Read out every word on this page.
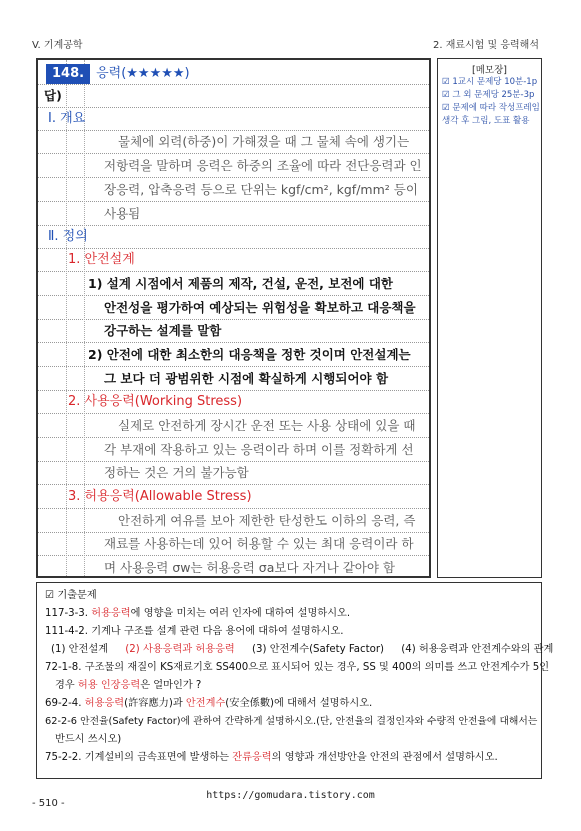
V. 기계공학	2. 재료시험 및 응력해석
148. 응력(★★★★★)
답)
Ⅰ. 개요
물체에 외력(하중)이 가해졌을 때 그 물체 속에 생기는
저항력을 말하며 응력은 하중의 조율에 따라 전단응력과 인
장응력, 압축응력 등으로 단위는 kgf/cm², kgf/mm² 등이
사용됨
Ⅱ. 정의
1. 안전설계
1) 설계 시점에서 제품의 제작, 건설, 운전, 보전에 대한
안전성을 평가하여 예상되는 위험성을 확보하고 대응책을
강구하는 설계를 말함
2) 안전에 대한 최소한의 대응책을 정한 것이며 안전설계는
그 보다 더 광범위한 시점에 확실하게 시행되어야 함
2. 사용응력(Working Stress)
실제로 안전하게 장시간 운전 또는 사용 상태에 있을 때
각 부재에 작용하고 있는 응력이라 하며 이를 정확하게 선
정하는 것은 거의 불가능함
3. 허용응력(Allowable Stress)
안전하게 여유를 보아 제한한 탄성한도 이하의 응력, 즉
재료를 사용하는데 있어 허용할 수 있는 최대 응력이라 하
며 사용응력 σw는 허용응력 σa보다 자거나 같아야 함
[메모장]
☑ 1교시 문제당 10분-1p
☑ 그 외 문제당 25분-3p
☑ 문제에 따라 작성프레임
생각 후 그림, 도표 활용
☑ 기출문제
117-3-3. 허용응력에 영향을 미치는 여러 인자에 대하여 설명하시오.
111-4-2. 기계나 구조를 설계 관련 다음 용어에 대하여 설명하시오.
(1) 안전설계 (2) 사용응력과 허용응력 (3) 안전계수(Safety Factor) (4) 허용응력과 안전계수와의 관계
72-1-8. 구조물의 재질이 KS재료기호 SS400으로 표시되어 있는 경우, SS 및 400의 의미를 쓰고 안전계수가 5인
경우 허용 인장응력은 얼마인가 ?
69-2-4. 허용응력(許容應力)과 안전계수(安全係數)에 대해서 설명하시오.
62-2-6 안전율(Safety Factor)에 관하여 간략하게 설명하시오.(단, 안전율의 결정인자와 수량적 안전율에 대해서는
반드시 쓰시오)
75-2-2. 기계설비의 금속표면에 발생하는 잔류응력의 영향과 개선방안을 안전의 관점에서 설명하시오.
https://gomudara.tistory.com
- 510 -
